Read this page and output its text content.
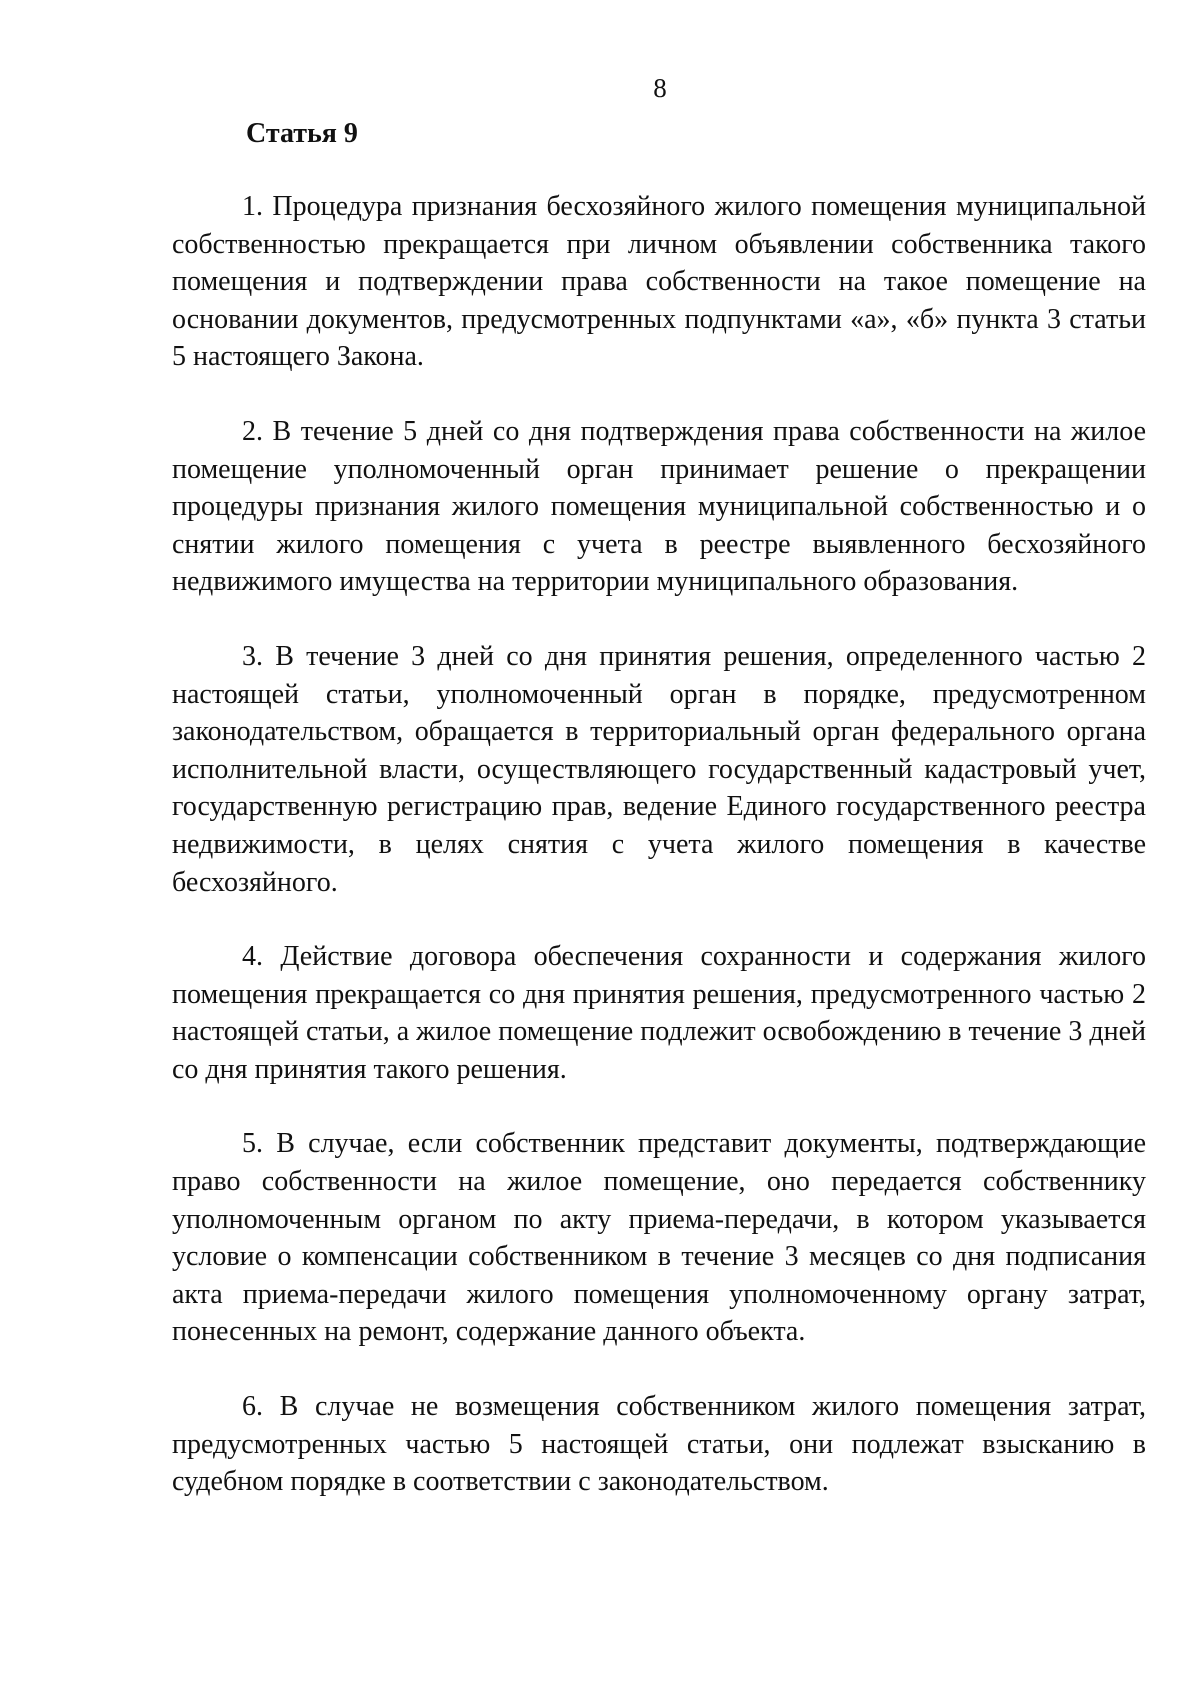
8
Статья 9

1. Процедура признания бесхозяйного жилого помещения муниципальной собственностью прекращается при личном объявлении собственника такого помещения и подтверждении права собственности на такое помещение на основании документов, предусмотренных подпунктами «а», «б» пункта 3 статьи 5 настоящего Закона.

2. В течение 5 дней со дня подтверждения права собственности на жилое помещение уполномоченный орган принимает решение о прекращении процедуры признания жилого помещения муниципальной собственностью и о снятии жилого помещения с учета в реестре выявленного бесхозяйного недвижимого имущества на территории муниципального образования.

3. В течение 3 дней со дня принятия решения, определенного частью 2 настоящей статьи, уполномоченный орган в порядке, предусмотренном законодательством, обращается в территориальный орган федерального органа исполнительной власти, осуществляющего государственный кадастровый учет, государственную регистрацию прав, ведение Единого государственного реестра недвижимости, в целях снятия с учета жилого помещения в качестве бесхозяйного.

4. Действие договора обеспечения сохранности и содержания жилого помещения прекращается со дня принятия решения, предусмотренного частью 2 настоящей статьи, а жилое помещение подлежит освобождению в течение 3 дней со дня принятия такого решения.

5. В случае, если собственник представит документы, подтверждающие право собственности на жилое помещение, оно передается собственнику уполномоченным органом по акту приема-передачи, в котором указывается условие о компенсации собственником в течение 3 месяцев со дня подписания акта приема-передачи жилого помещения уполномоченному органу затрат, понесенных на ремонт, содержание данного объекта.

6. В случае не возмещения собственником жилого помещения затрат, предусмотренных частью 5 настоящей статьи, они подлежат взысканию в судебном порядке в соответствии с законодательством.
